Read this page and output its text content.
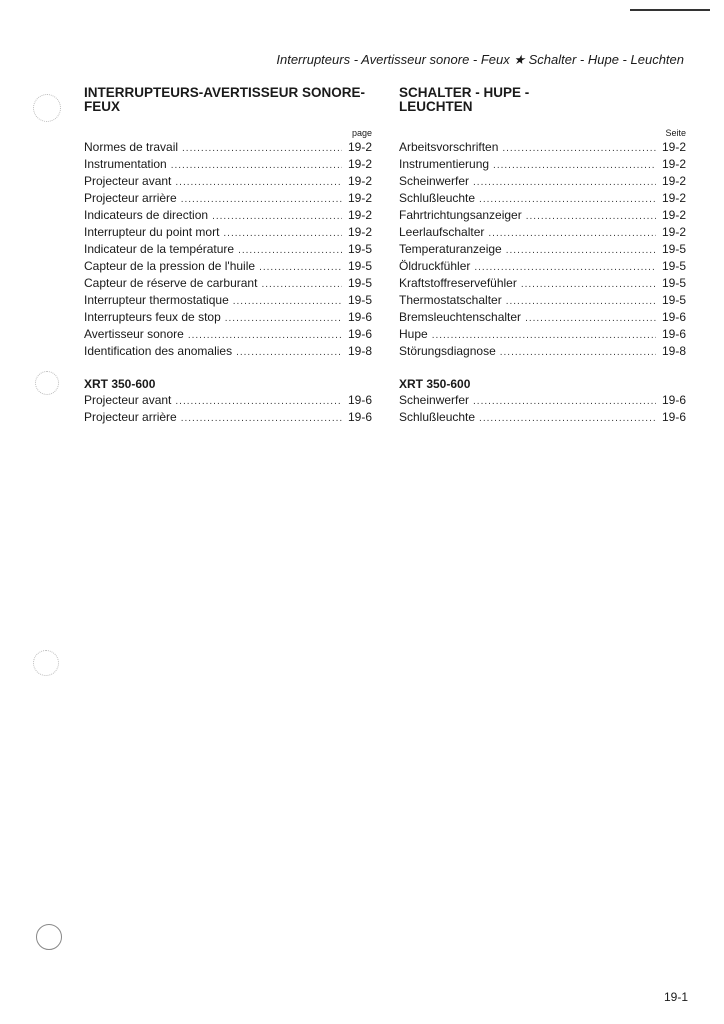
Interrupteurs - Avertisseur sonore - Feux ★ Schalter - Hupe - Leuchten
INTERRUPTEURS-AVERTISSEUR SONORE-
FEUX
page
Normes de travail .....	19-2
Instrumentation .....	19-2
Projecteur avant .....	19-2
Projecteur arrière .....	19-2
Indicateurs de direction .....	19-2
Interrupteur du point mort .....	19-2
Indicateur de la température .....	19-5
Capteur de la pression de l'huile .....	19-5
Capteur de réserve de carburant .....	19-5
Interrupteur thermostatique .....	19-5
Interrupteurs feux de stop .....	19-6
Avertisseur sonore .....	19-6
Identification des anomalies .....	19-8
XRT 350-600
Projecteur avant .....	19-6
Projecteur arrière .....	19-6
SCHALTER - HUPE -
LEUCHTEN
Seite
Arbeitsvorschriften .....	19-2
Instrumentierung .....	19-2
Scheinwerfer .....	19-2
Schlußleuchte .....	19-2
Fahrtrichtungsanzeiger .....	19-2
Leerlaufschalter .....	19-2
Temperaturanzeige .....	19-5
Öldruckfühler .....	19-5
Kraftstoffreservefühler .....	19-5
Thermostatschalter .....	19-5
Bremsleuchtenschalter .....	19-6
Hupe .....	19-6
Störungsdiagnose .....	19-8
XRT 350-600
Scheinwerfer .....	19-6
Schlußleuchte .....	19-6
19-1
